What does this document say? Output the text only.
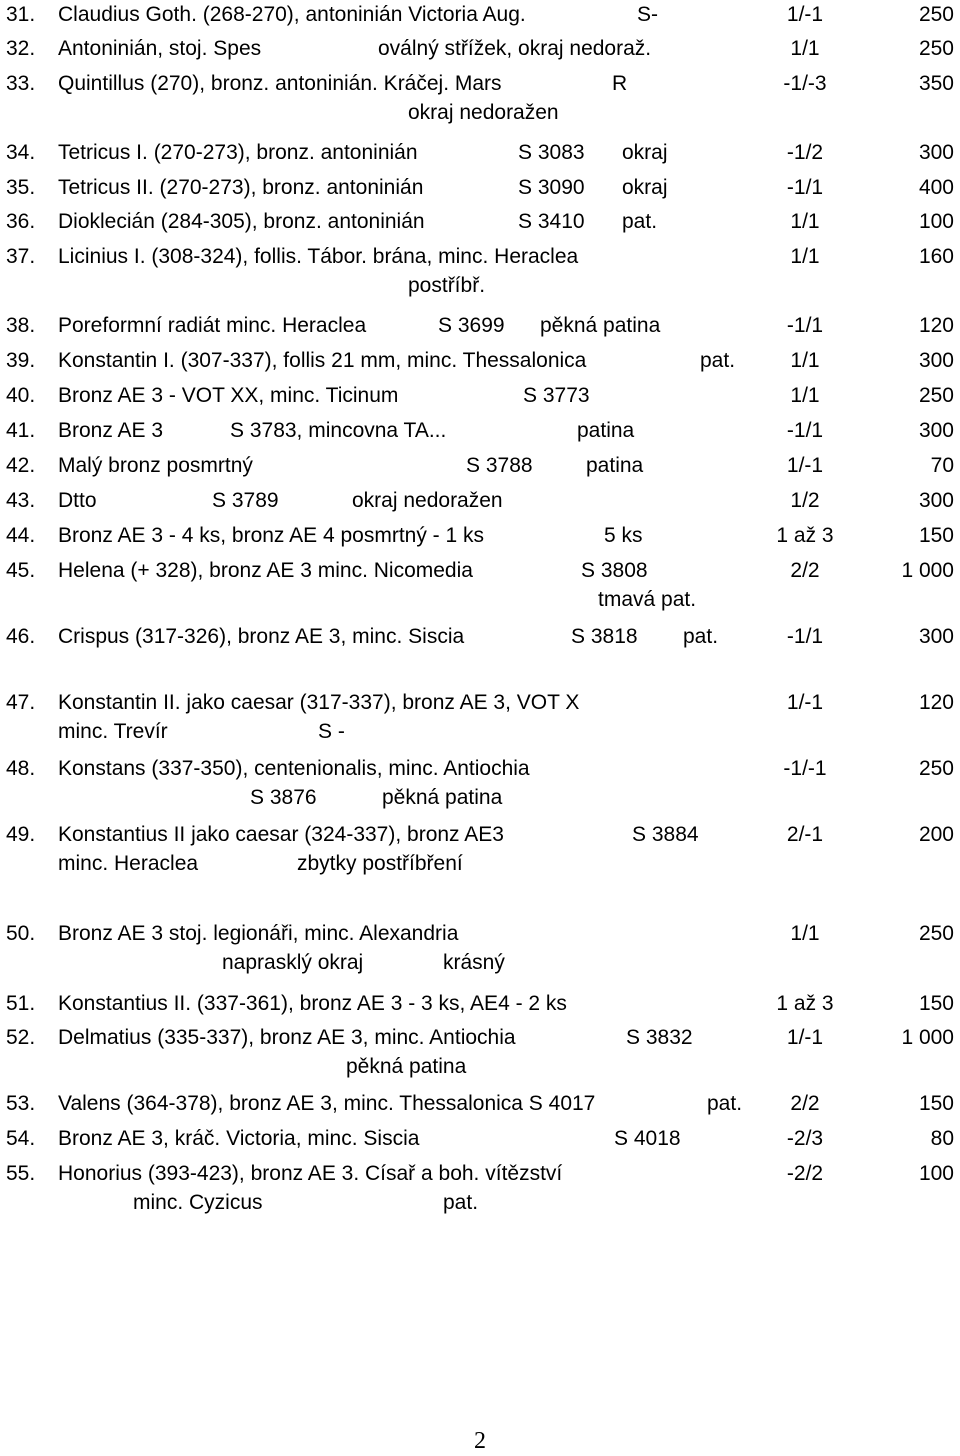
31. Claudius Goth. (268-270), antoninián Victoria Aug.	S-	1/-1	250
32. Antoninián, stoj. Spes	oválný střížek, okraj nedoraž.	1/1	250
33. Quintillus (270), bronz. antoninián. Kráčej. Mars	R	-1/-3	350
okraj nedoražen
34. Tetricus I. (270-273), bronz. antoninián	S 3083 okraj	-1/2	300
35. Tetricus II. (270-273), bronz. antoninián	S 3090 okraj	-1/1	400
36. Dioklecián (284-305), bronz. antoninián	S 3410 pat.	1/1	100
37. Licinius I. (308-324), follis. Tábor. brána, minc. Heraclea	1/1	160
postříbř.
38. Poreformní radiát minc. Heraclea	S 3699 pěkná patina	-1/1	120
39. Konstantin I. (307-337), follis 21 mm, minc. Thessalonica	pat.	1/1	300
40. Bronz AE 3 - VOT XX, minc. Ticinum	S 3773	1/1	250
41. Bronz AE 3	S 3783, mincovna TA...	patina	-1/1	300
42. Malý bronz posmrtný	S 3788	patina	1/-1	70
43. Dtto	S 3789	okraj nedoražen	1/2	300
44. Bronz AE 3 - 4 ks, bronz AE 4 posmrtný - 1 ks	5 ks	1 až 3	150
45. Helena (+ 328), bronz AE 3 minc. Nicomedia	S 3808	2/2	1 000
tmavá pat.
46. Crispus (317-326), bronz AE 3, minc. Siscia	S 3818 pat.	-1/1	300
47. Konstantin II. jako caesar (317-337), bronz AE 3, VOT X	1/-1	120
minc. Trevír	S -
48. Konstans (337-350), centenionalis, minc. Antiochia	-1/-1	250
S 3876	pěkná patina
49. Konstantius II jako caesar (324-337), bronz AE3	S 3884	2/-1	200
minc. Heraclea	zbytky postříbření
50. Bronz AE 3 stoj. legionáři, minc. Alexandria	1/1	250
naprasklý okraj	krásný
51. Konstantius II. (337-361), bronz AE 3 - 3 ks, AE4 - 2 ks	1 až 3	150
52. Delmatius (335-337), bronz AE 3, minc. Antiochia	S 3832	1/-1	1 000
pěkná patina
53. Valens (364-378), bronz AE 3, minc. Thessalonica S 4017	pat.	2/2	150
54. Bronz AE 3, kráč. Victoria, minc. Siscia	S 4018	-2/3	80
55. Honorius (393-423), bronz AE 3. Císař a boh. vítězství	-2/2	100
minc. Cyzicus	pat.
2
